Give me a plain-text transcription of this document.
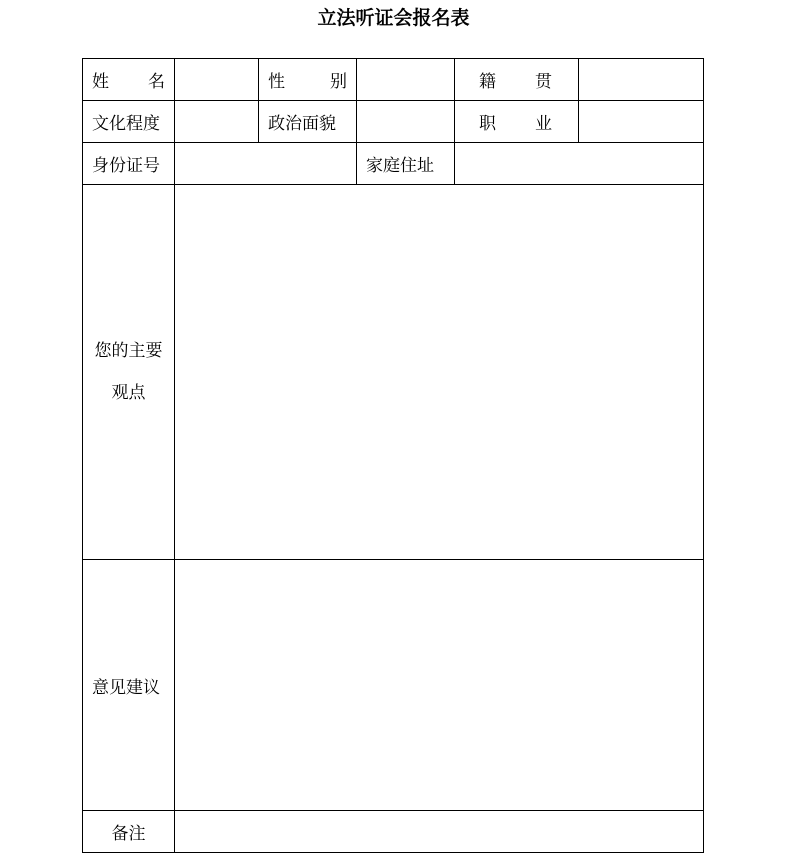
立法听证会报名表
姓 名		性 别		籍 贯	

文化程度		政治面貌		职 业	

身份证号			家庭住址		

您的主要
观点					

意见建议					
备注					
